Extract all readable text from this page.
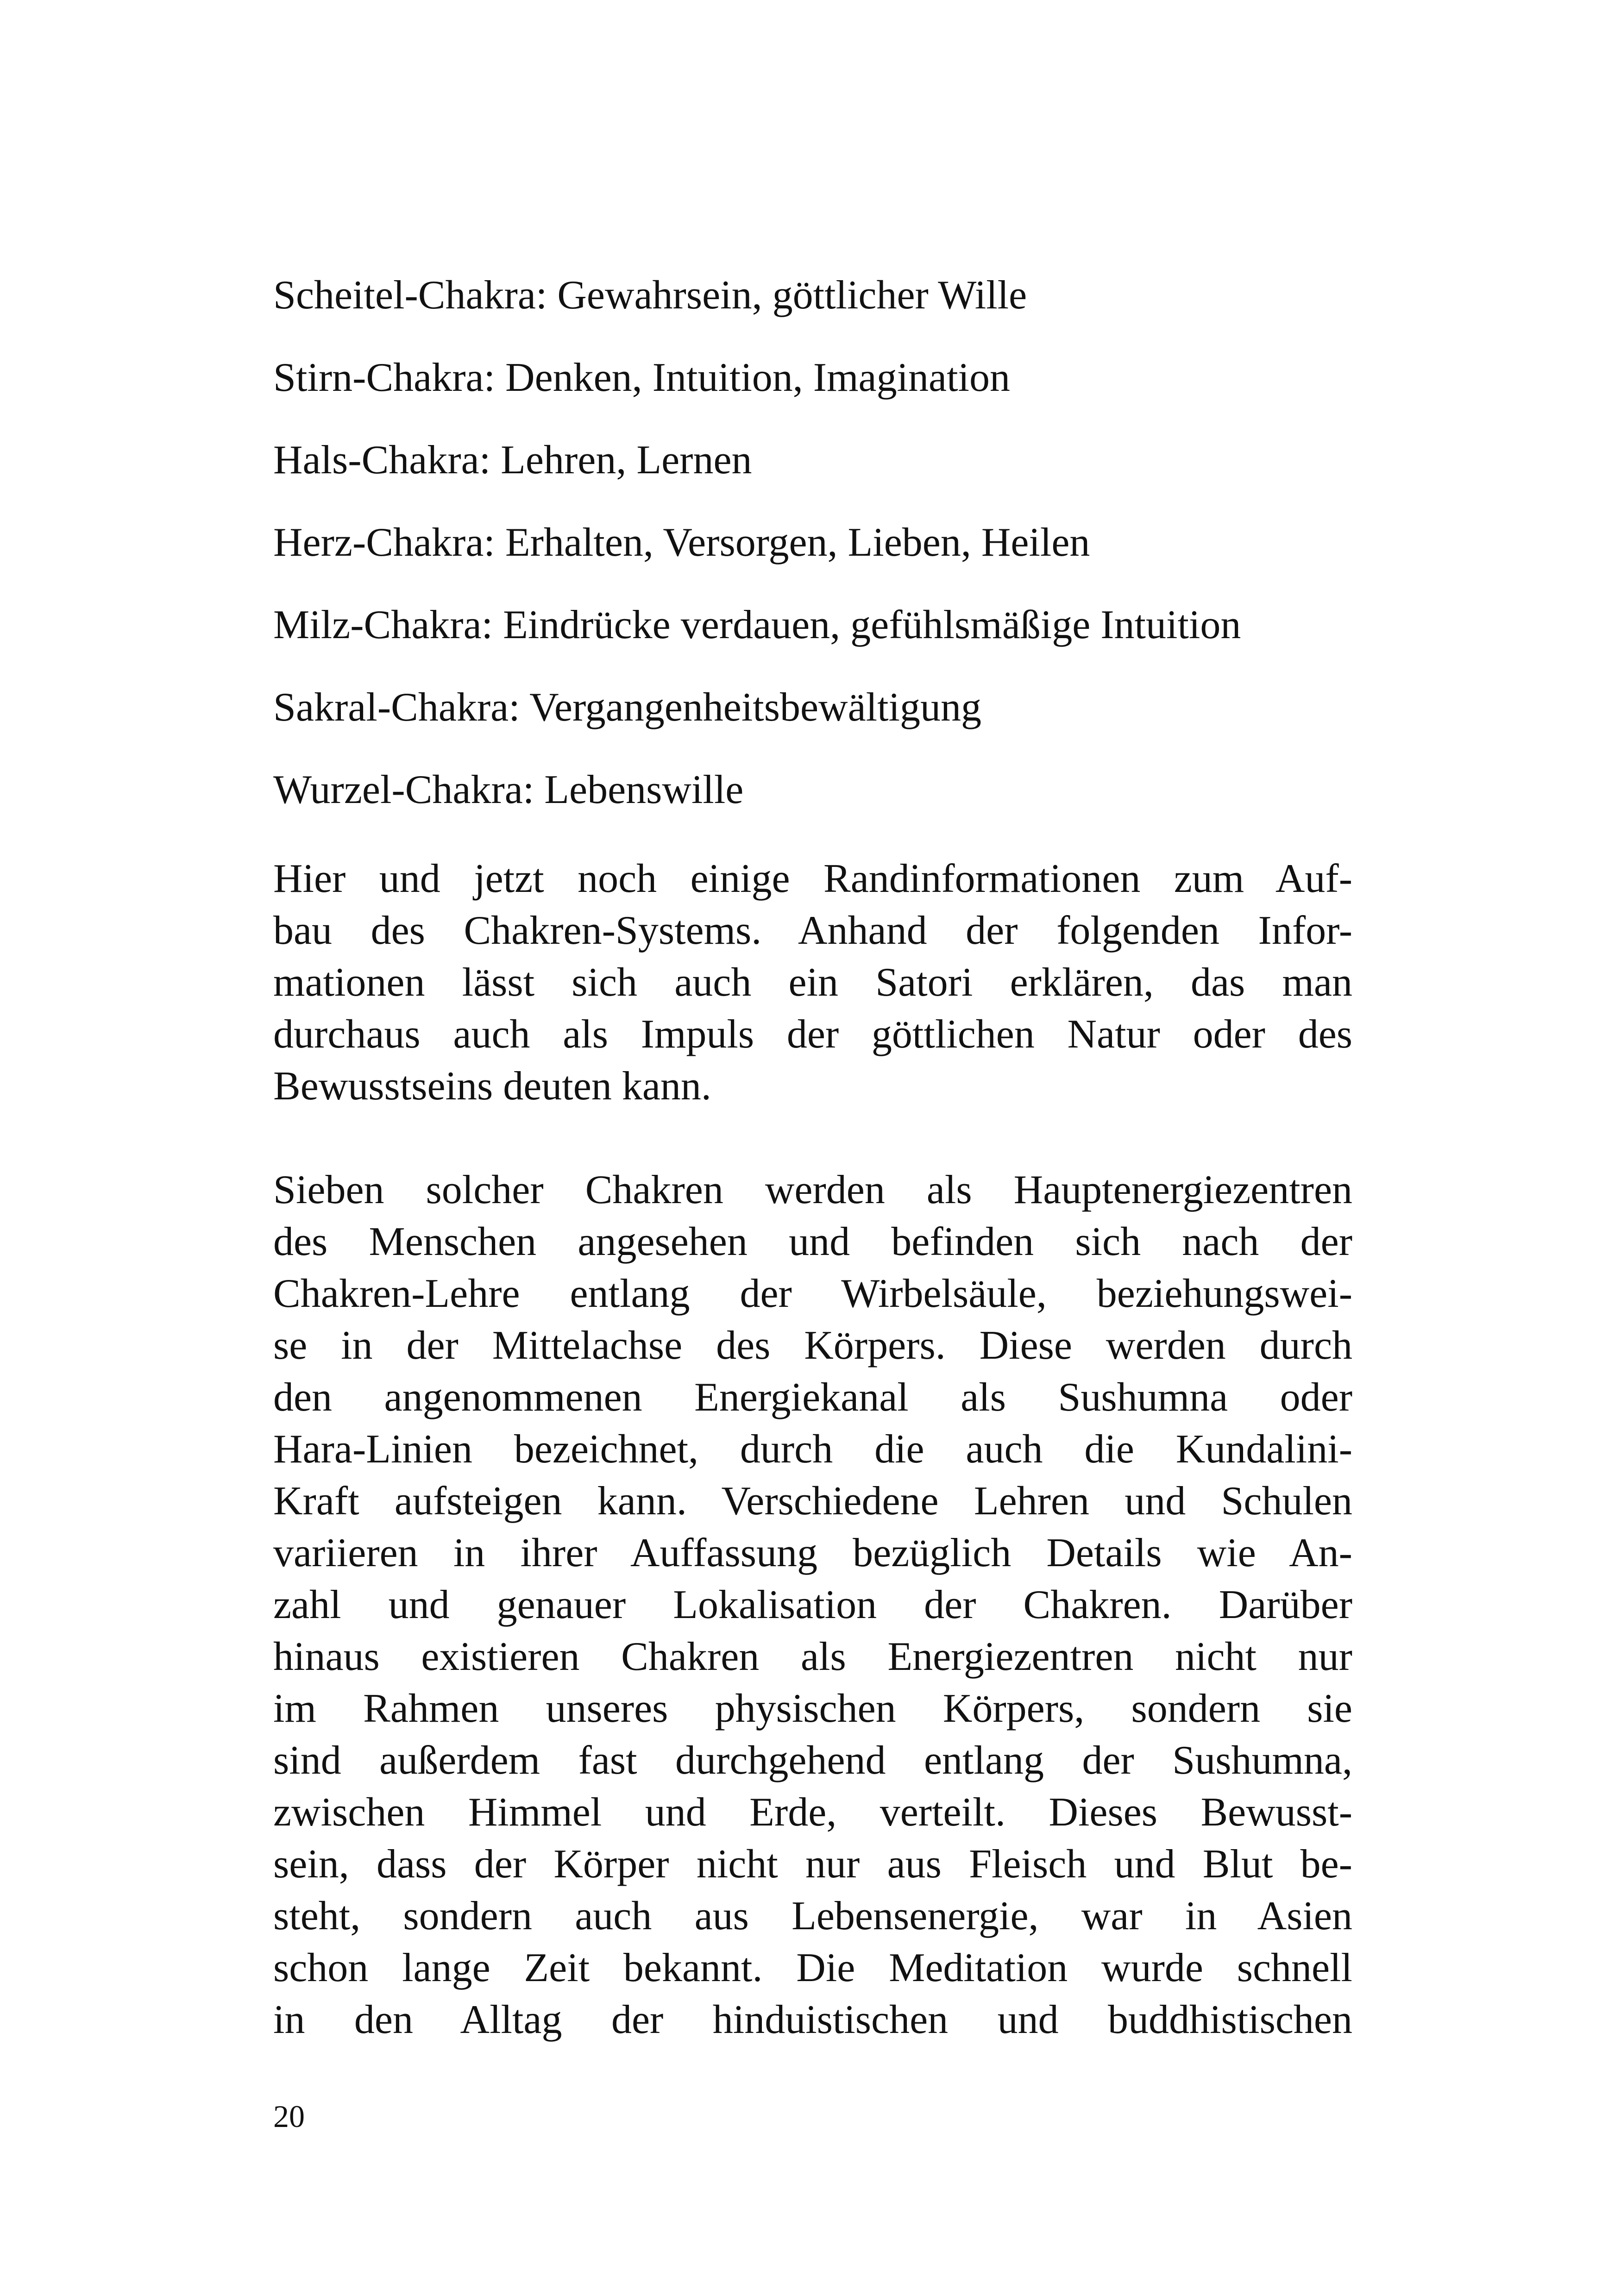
Scheitel-Chakra: Gewahrsein, göttlicher Wille
Stirn-Chakra: Denken, Intuition, Imagination
Hals-Chakra: Lehren, Lernen
Herz-Chakra: Erhalten, Versorgen, Lieben, Heilen
Milz-Chakra: Eindrücke verdauen, gefühlsmäßige Intuition
Sakral-Chakra: Vergangenheitsbewältigung
Wurzel-Chakra: Lebenswille

Hier und jetzt noch einige Randinformationen zum Auf-
bau des Chakren-Systems. Anhand der folgenden Infor-
mationen lässt sich auch ein Satori erklären, das man
durchaus auch als Impuls der göttlichen Natur oder des
Bewusstseins deuten kann.

Sieben solcher Chakren werden als Hauptenergiezentren
des Menschen angesehen und befinden sich nach der
Chakren-Lehre entlang der Wirbelsäule, beziehungswei-
se in der Mittelachse des Körpers. Diese werden durch
den angenommenen Energiekanal als Sushumna oder
Hara-Linien bezeichnet, durch die auch die Kundalini-
Kraft aufsteigen kann. Verschiedene Lehren und Schulen
variieren in ihrer Auffassung bezüglich Details wie An-
zahl und genauer Lokalisation der Chakren. Darüber
hinaus existieren Chakren als Energiezentren nicht nur
im Rahmen unseres physischen Körpers, sondern sie
sind außerdem fast durchgehend entlang der Sushumna,
zwischen Himmel und Erde, verteilt. Dieses Bewusst-
sein, dass der Körper nicht nur aus Fleisch und Blut be-
steht, sondern auch aus Lebensenergie, war in Asien
schon lange Zeit bekannt. Die Meditation wurde schnell
in den Alltag der hinduistischen und buddhistischen

20
